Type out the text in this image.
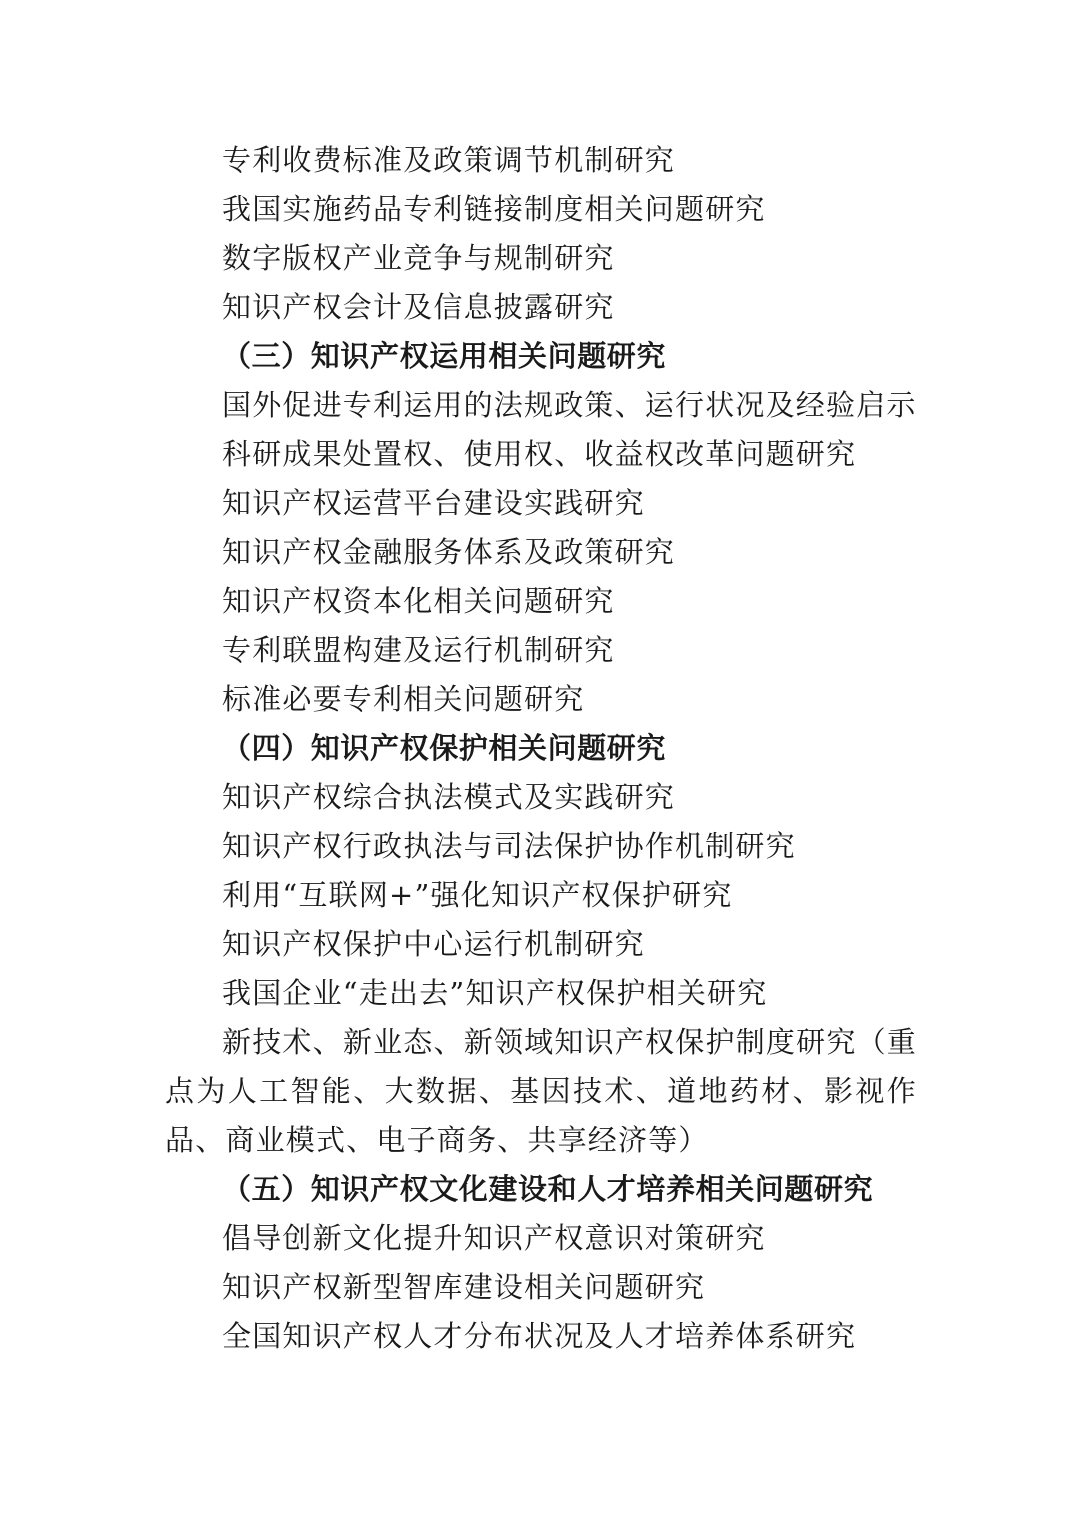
专利收费标准及政策调节机制研究
我国实施药品专利链接制度相关问题研究
数字版权产业竞争与规制研究
知识产权会计及信息披露研究
（三）知识产权运用相关问题研究
国外促进专利运用的法规政策、运行状况及经验启示
科研成果处置权、使用权、收益权改革问题研究
知识产权运营平台建设实践研究
知识产权金融服务体系及政策研究
知识产权资本化相关问题研究
专利联盟构建及运行机制研究
标准必要专利相关问题研究
（四）知识产权保护相关问题研究
知识产权综合执法模式及实践研究
知识产权行政执法与司法保护协作机制研究
利用“互联网+”强化知识产权保护研究
知识产权保护中心运行机制研究
我国企业“走出去”知识产权保护相关研究
新技术、新业态、新领域知识产权保护制度研究（重点为人工智能、大数据、基因技术、道地药材、影视作品、商业模式、电子商务、共享经济等）
（五）知识产权文化建设和人才培养相关问题研究
倡导创新文化提升知识产权意识对策研究
知识产权新型智库建设相关问题研究
全国知识产权人才分布状况及人才培养体系研究
